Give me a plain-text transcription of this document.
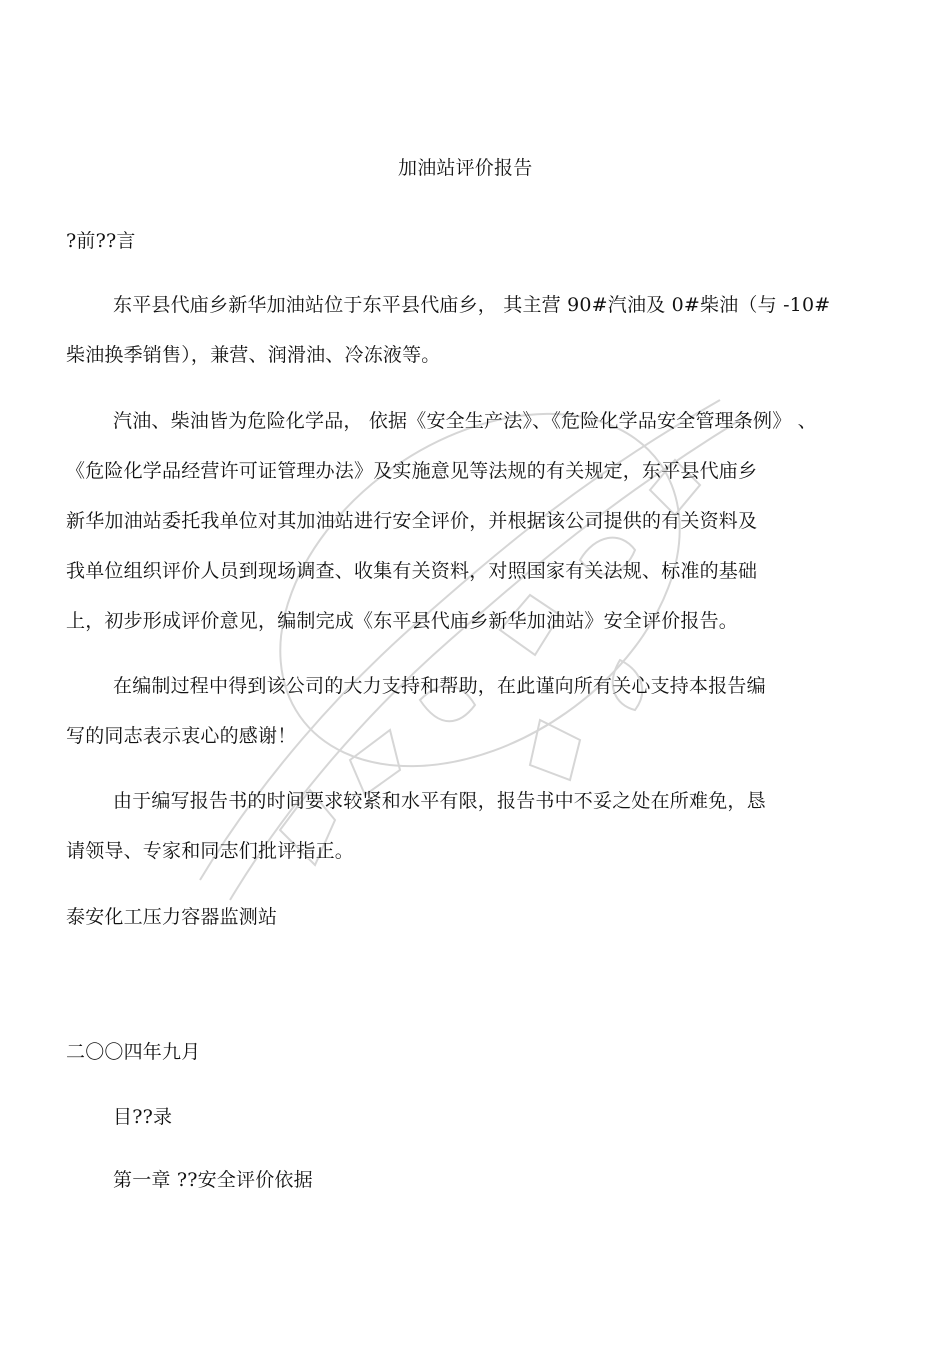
加油站评价报告
?前??言
东平县代庙乡新华加油站位于东平县代庙乡， 其主营 90#汽油及 0#柴油（与 -10#
柴油换季销售），兼营、润滑油、冷冻液等。
汽油、柴油皆为危险化学品， 依据《安全生产法》、《危险化学品安全管理条例》 、
《危险化学品经营许可证管理办法》及实施意见等法规的有关规定，东平县代庙乡
新华加油站委托我单位对其加油站进行安全评价，并根据该公司提供的有关资料及
我单位组织评价人员到现场调查、收集有关资料，对照国家有关法规、标准的基础
上，初步形成评价意见，编制完成《东平县代庙乡新华加油站》安全评价报告。
在编制过程中得到该公司的大力支持和帮助，在此谨向所有关心支持本报告编
写的同志表示衷心的感谢！
由于编写报告书的时间要求较紧和水平有限，报告书中不妥之处在所难免，恳
请领导、专家和同志们批评指正。
泰安化工压力容器监测站
二〇〇四年九月
目??录
第一章 ??安全评价依据
